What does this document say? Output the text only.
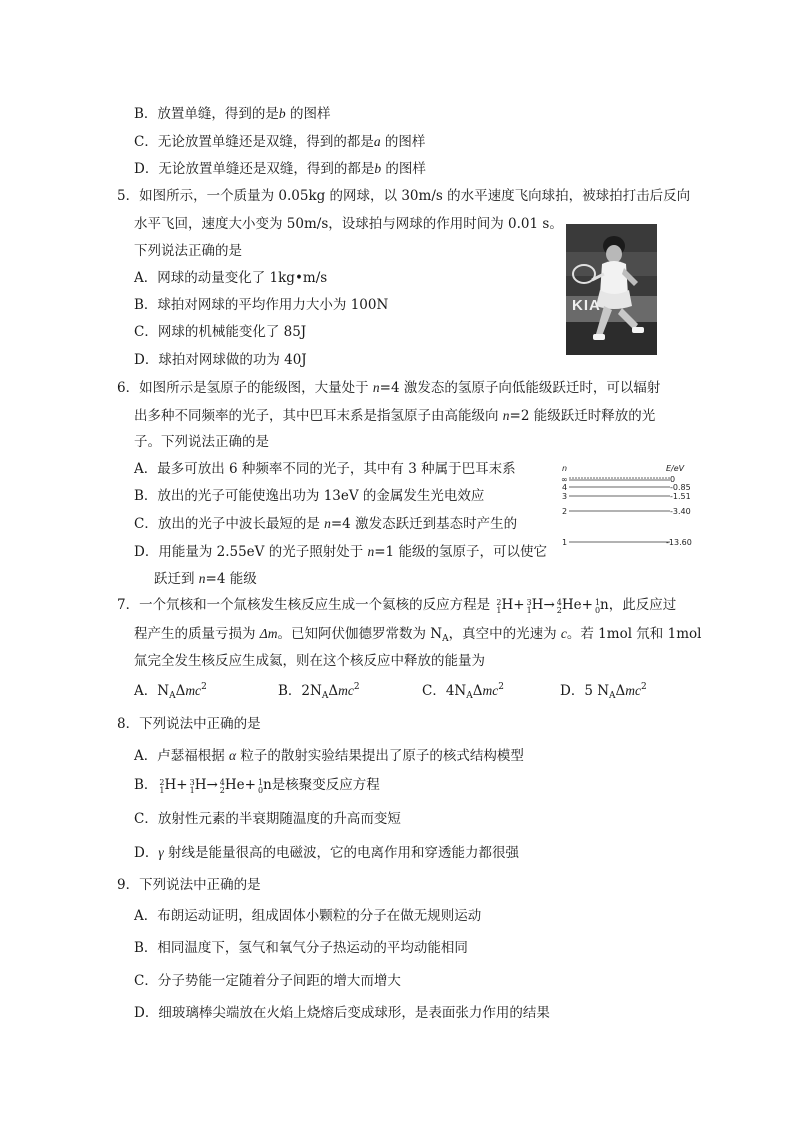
B．放置单缝，得到的是b 的图样
C．无论放置单缝还是双缝，得到的都是a 的图样
D．无论放置单缝还是双缝，得到的都是b 的图样
5．如图所示，一个质量为 0.05kg 的网球，以 30m/s 的水平速度飞向球拍，被球拍打击后反向
水平飞回，速度大小变为 50m/s，设球拍与网球的作用时间为 0.01 s。
下列说法正确的是
A．网球的动量变化了 1kg•m/s
B．球拍对网球的平均作用力大小为 100N
C．网球的机械能变化了 85J
D．球拍对网球做的功为 40J
KIA
6．如图所示是氢原子的能级图，大量处于 n=4 激发态的氢原子向低能级跃迁时，可以辐射
出多种不同频率的光子，其中巴耳末系是指氢原子由高能级向 n=2 能级跃迁时释放的光
子。下列说法正确的是
A．最多可放出 6 种频率不同的光子，其中有 3 种属于巴耳末系
B．放出的光子可能使逸出功为 13eV 的金属发生光电效应
C．放出的光子中波长最短的是 n=4 激发态跃迁到基态时产生的
D．用能量为 2.55eV 的光子照射处于 n=1 能级的氢原子，可以使它
跃迁到 n=4 能级
n	E/eV
∞
4
3
2
1
0
-0.85
-1.51
-3.40
-13.60
7．一个氘核和一个氚核发生核反应生成一个氦核的反应方程是 2
1 H+ 3
1 H→ 4
2 He+ 1
0 n，此反应过
程产生的质量亏损为 Δm。已知阿伏伽德罗常数为 $N_A$，真空中的光速为 c。若 1mol 氘和 1mol
氚完全发生核反应生成氦，则在这个核反应中释放的能量为
A．$N_A\Delta mc^2$	B．$2N_A\Delta mc^2$	C．$4N_A\Delta mc^2$	D．5 $N_A\Delta mc^2$
8．下列说法中正确的是
A．卢瑟福根据 α 粒子的散射实验结果提出了原子的核式结构模型
B． 2
1 H+ 3
1 H→ 4
2 He+ 1
0 n是核聚变反应方程
C．放射性元素的半衰期随温度的升高而变短
D．γ 射线是能量很高的电磁波，它的电离作用和穿透能力都很强
9．下列说法中正确的是
A．布朗运动证明，组成固体小颗粒的分子在做无规则运动
B．相同温度下，氢气和氧气分子热运动的平均动能相同
C．分子势能一定随着分子间距的增大而增大
D．细玻璃棒尖端放在火焰上烧熔后变成球形，是表面张力作用的结果
